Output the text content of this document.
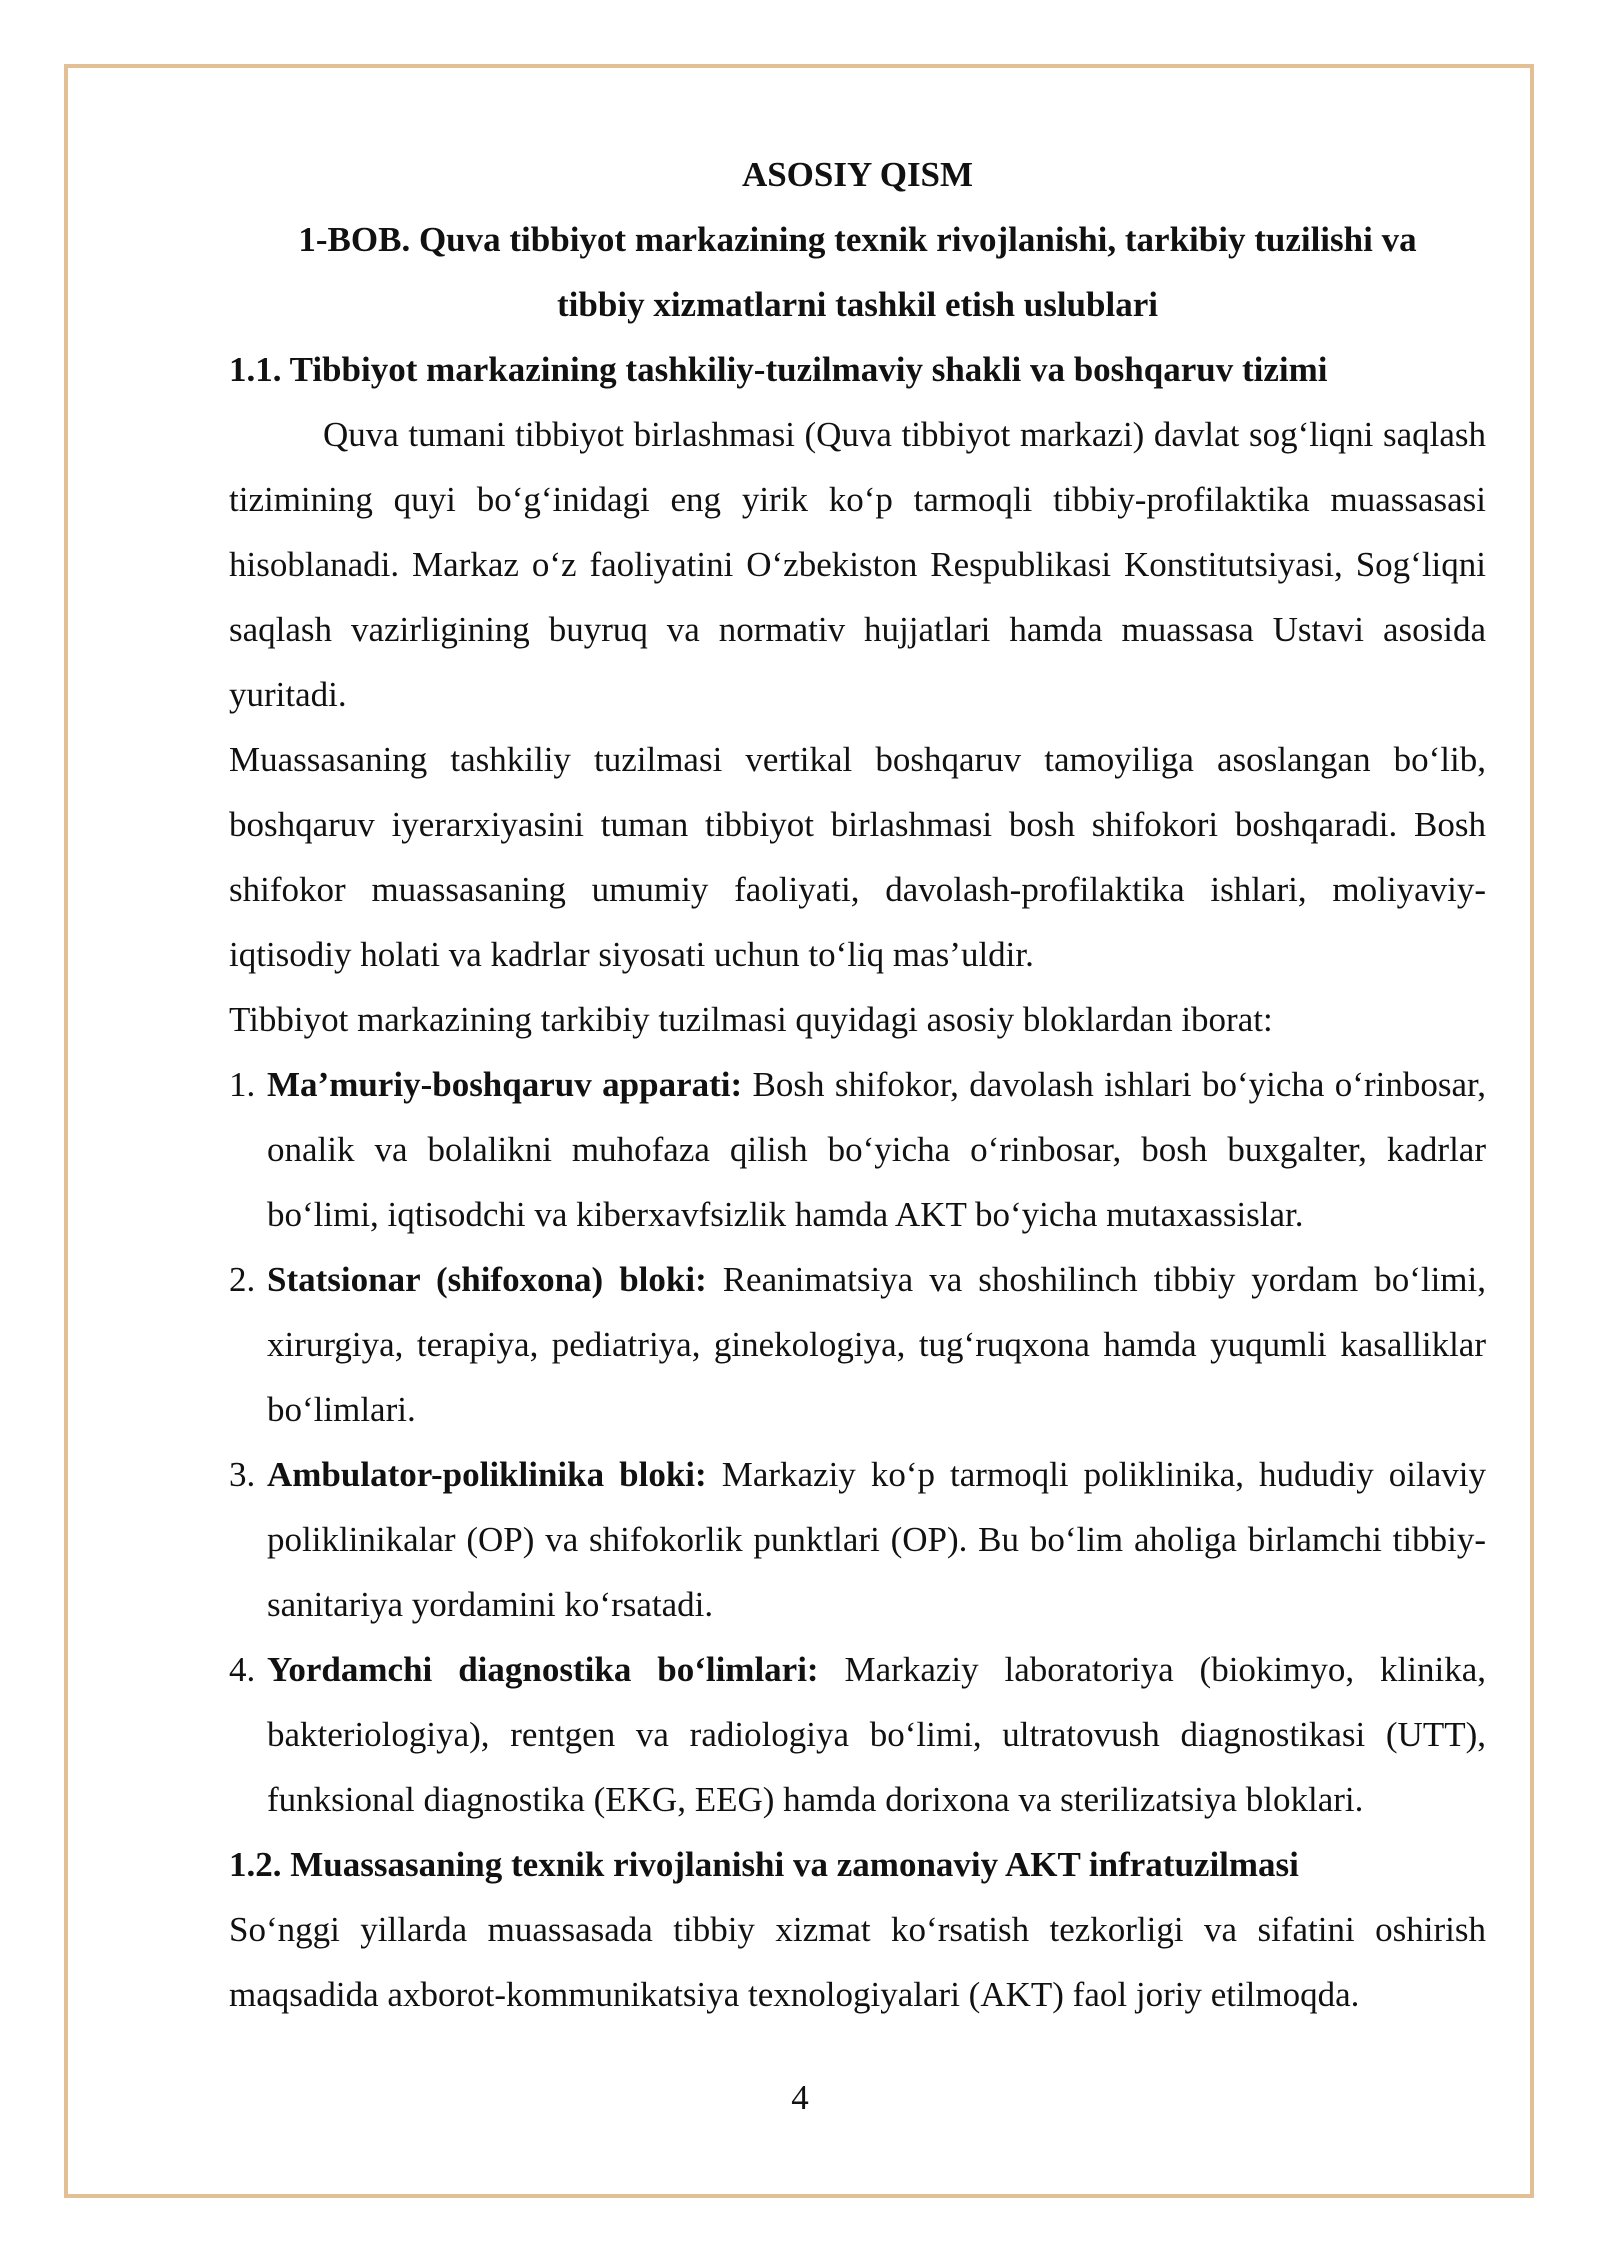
ASOSIY QISM
1-BOB. Quva tibbiyot markazining texnik rivojlanishi, tarkibiy tuzilishi va
tibbiy xizmatlarni tashkil etish uslublari
1.1. Tibbiyot markazining tashkiliy-tuzilmaviy shakli va boshqaruv tizimi

Quva tumani tibbiyot birlashmasi (Quva tibbiyot markazi) davlat sog‘liqni saqlash tizimining quyi bo‘g‘inidagi eng yirik ko‘p tarmoqli tibbiy-profilaktika muassasasi hisoblanadi. Markaz o‘z faoliyatini O‘zbekiston Respublikasi Konstitutsiyasi, Sog‘liqni saqlash vazirligining buyruq va normativ hujjatlari hamda muassasa Ustavi asosida yuritadi.

Muassasaning tashkiliy tuzilmasi vertikal boshqaruv tamoyiliga asoslangan bo‘lib, boshqaruv iyerarxiyasini tuman tibbiyot birlashmasi bosh shifokori boshqaradi. Bosh shifokor muassasaning umumiy faoliyati, davolash-profilaktika ishlari, moliyaviy-iqtisodiy holati va kadrlar siyosati uchun to‘liq mas’uldir.

Tibbiyot markazining tarkibiy tuzilmasi quyidagi asosiy bloklardan iborat:

1. Ma’muriy-boshqaruv apparati: Bosh shifokor, davolash ishlari bo‘yicha o‘rinbosar, onalik va bolalikni muhofaza qilish bo‘yicha o‘rinbosar, bosh buxgalter, kadrlar bo‘limi, iqtisodchi va kiberxavfsizlik hamda AKT bo‘yicha mutaxassislar.
2. Statsionar (shifoxona) bloki: Reanimatsiya va shoshilinch tibbiy yordam bo‘limi, xirurgiya, terapiya, pediatriya, ginekologiya, tug‘ruqxona hamda yuqumli kasalliklar bo‘limlari.
3. Ambulator-poliklinika bloki: Markaziy ko‘p tarmoqli poliklinika, hududiy oilaviy poliklinikalar (OP) va shifokorlik punktlari (OP). Bu bo‘lim aholiga birlamchi tibbiy-sanitariya yordamini ko‘rsatadi.
4. Yordamchi diagnostika bo‘limlari: Markaziy laboratoriya (biokimyo, klinika, bakteriologiya), rentgen va radiologiya bo‘limi, ultratovush diagnostikasi (UTT), funksional diagnostika (EKG, EEG) hamda dorixona va sterilizatsiya bloklari.
1.2. Muassasaning texnik rivojlanishi va zamonaviy AKT infratuzilmasi

So‘nggi yillarda muassasada tibbiy xizmat ko‘rsatish tezkorligi va sifatini oshirish maqsadida axborot-kommunikatsiya texnologiyalari (AKT) faol joriy etilmoqda.

4
